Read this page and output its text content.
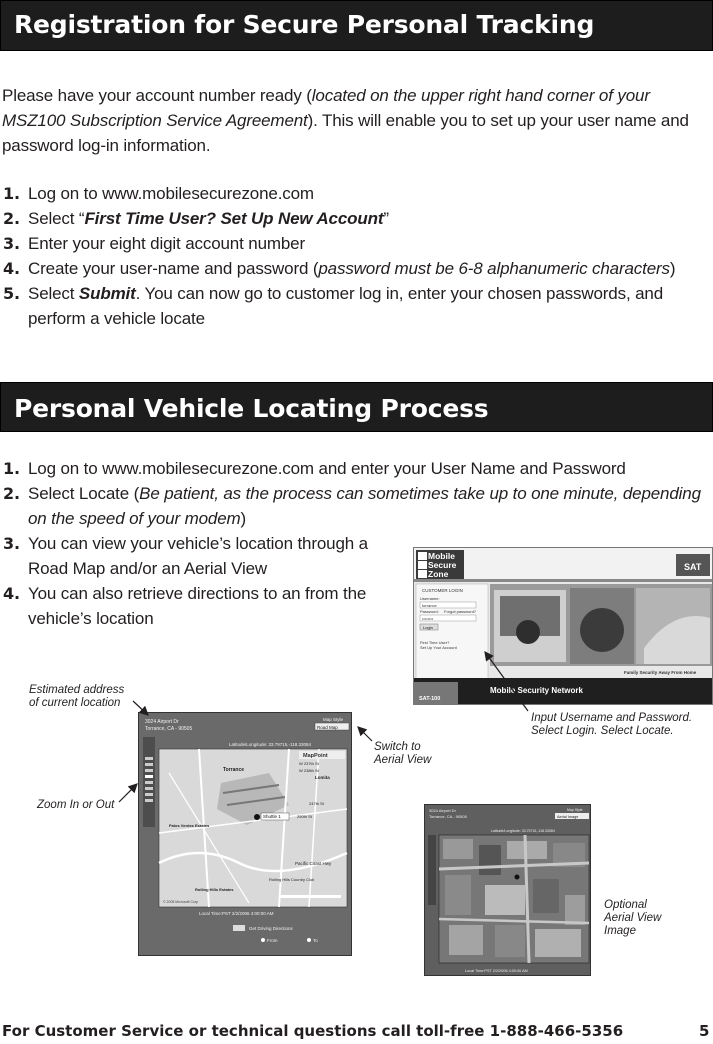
Registration for Secure Personal Tracking

Please have your account number ready (located on the upper right hand corner of your MSZ100 Subscription Service Agreement). This will enable you to set up your user name and password log-in information.

1. Log on to www.mobilesecurezone.com
2. Select “First Time User? Set Up New Account”
3. Enter your eight digit account number
4. Create your user-name and password (password must be 6-8 alphanumeric characters)
5. Select Submit. You can now go to customer log in, enter your chosen passwords, and perform a vehicle locate
Personal Vehicle Locating Process
1. Log on to www.mobilesecurezone.com and enter your User Name and Password
2. Select Locate (Be patient, as the process can sometimes take up to one minute, depending on the speed of your modem)
3. You can view your vehicle’s location through a Road Map and/or an Aerial View
4. You can also retrieve directions to an from the vehicle’s location
Mobile
Secure
Zone
SAT
CUSTOMER LOGIN
Username:
torrance
Password: Forgot password?
••••••••
Login
First Time User?
Set Up Your Account
Family Security Away From Home
SAT-100
Mobile Security Network
3024 Airport Dr
Torrance, CA - 90505
Map Style
Road Map
Latitude/Longitude: 33.79715,-118.33084
MapPoint
Torrance
Lomita
W 237th St
W 238th St
247th St
250th St
Pacific Coast Hwy
Palos Verdes Estates
Rolling Hills Estates
Rolling Hills Country Club
© 2005 Microsoft Corp
Shuttle 1
Local Time:PST 2/2/2006 4:00:00 AM
Get Driving Directions
From	To
3024 Airport Dr
Torrance, CA - 90505
Map Style
Aerial Image
Latitude/Longitude: 33.79715,-118.33084
Local Time:PST 2/2/2006 4:00:00 AM
Estimated address of current location
Zoom In or Out
Switch to Aerial View
Input Username and Password. Select Login. Select Locate.
Optional Aerial View Image
For Customer Service or technical questions call toll-free 1-888-466-5356	5
